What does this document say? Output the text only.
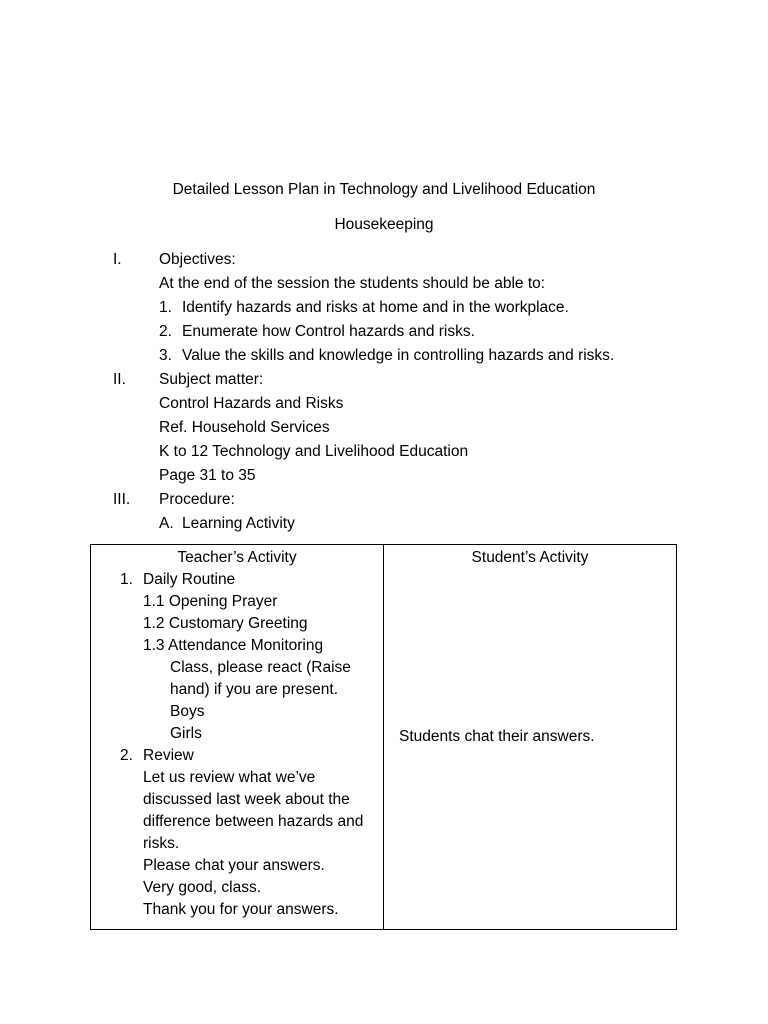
Detailed Lesson Plan in Technology and Livelihood Education
Housekeeping
I. Objectives:
At the end of the session the students should be able to:
1. Identify hazards and risks at home and in the workplace.
2. Enumerate how Control hazards and risks.
3. Value the skills and knowledge in controlling hazards and risks.
II. Subject matter:
Control Hazards and Risks
Ref. Household Services
K to 12 Technology and Livelihood Education
Page 31 to 35
III. Procedure:
A. Learning Activity
Teacher’s Activity	Student’s Activity
1. Daily Routine
1.1 Opening Prayer
1.2 Customary Greeting
1.3 Attendance Monitoring
Class, please react (Raise
hand) if you are present.
Boys
Girls
2. Review
Let us review what we’ve
discussed last week about the
difference between hazards and
risks.
Please chat your answers.
Very good, class.
Thank you for your answers.
Students chat their answers.
